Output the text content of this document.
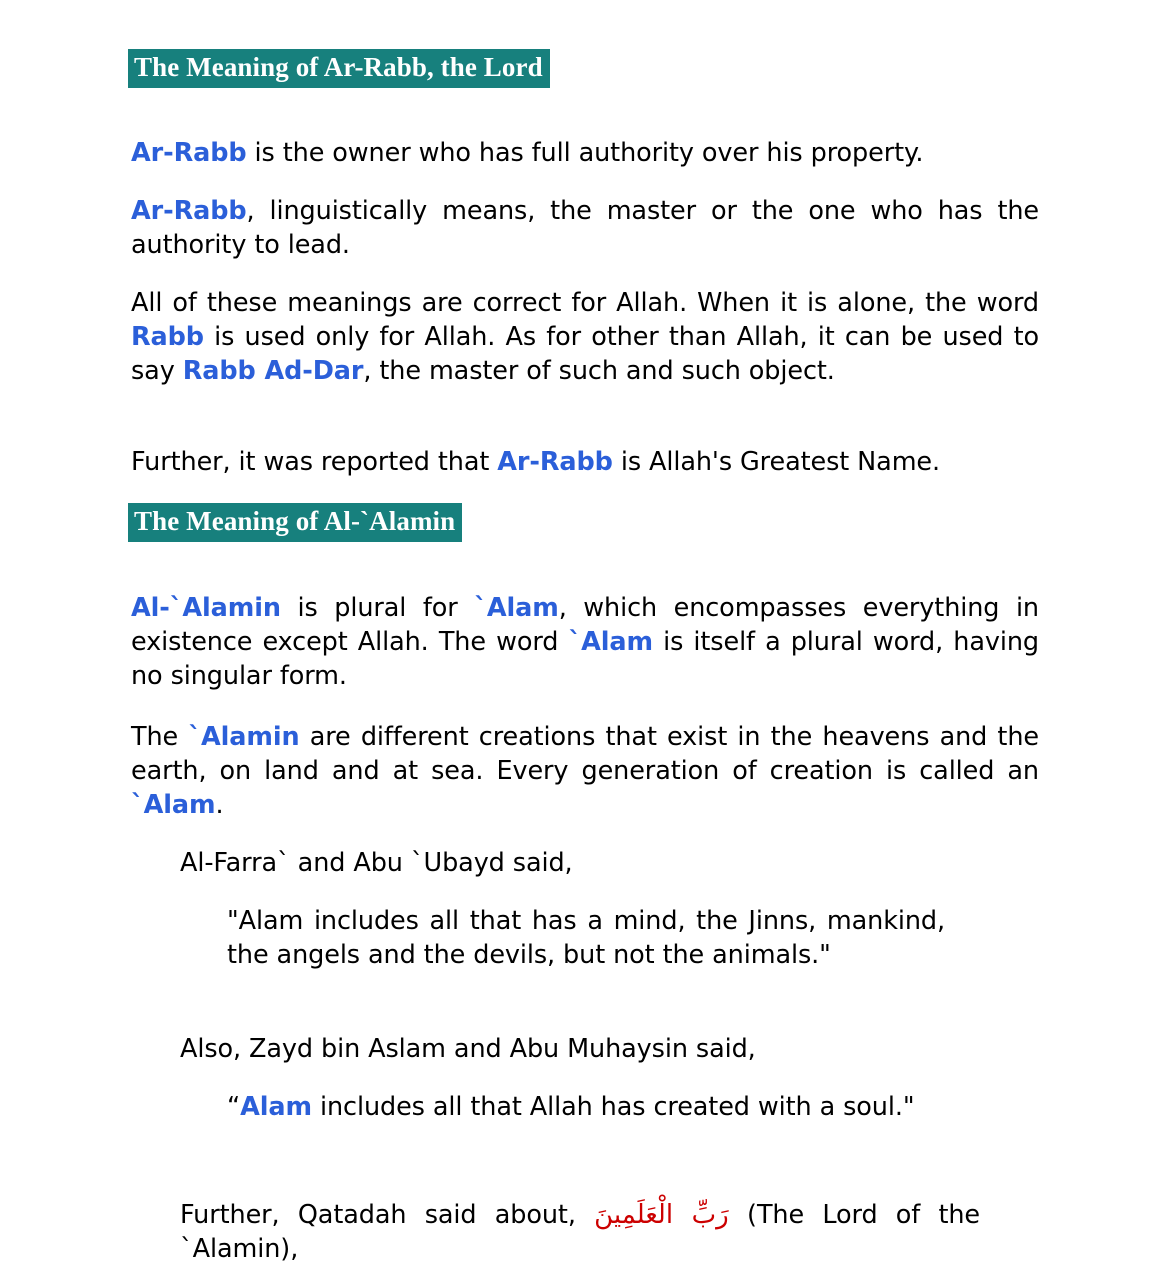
The Meaning of Ar-Rabb, the Lord

Ar-Rabb is the owner who has full authority over his property.

Ar-Rabb, linguistically means, the master or the one who has the authority to lead.

All of these meanings are correct for Allah. When it is alone, the word Rabb is used only for Allah. As for other than Allah, it can be used to say Rabb Ad-Dar, the master of such and such object.

Further, it was reported that Ar-Rabb is Allah's Greatest Name.

The Meaning of Al-`Alamin

Al-`Alamin is plural for `Alam, which encompasses everything in existence except Allah. The word `Alam is itself a plural word, having no singular form.

The `Alamin are different creations that exist in the heavens and the earth, on land and at sea. Every generation of creation is called an `Alam.

Al-Farra` and Abu `Ubayd said,

"Alam includes all that has a mind, the Jinns, mankind, the angels and the devils, but not the animals."

Also, Zayd bin Aslam and Abu Muhaysin said,

“Alam includes all that Allah has created with a soul."

Further, Qatadah said about, رَبِّ الْعَلَمِينَ (The Lord of the `Alamin),
